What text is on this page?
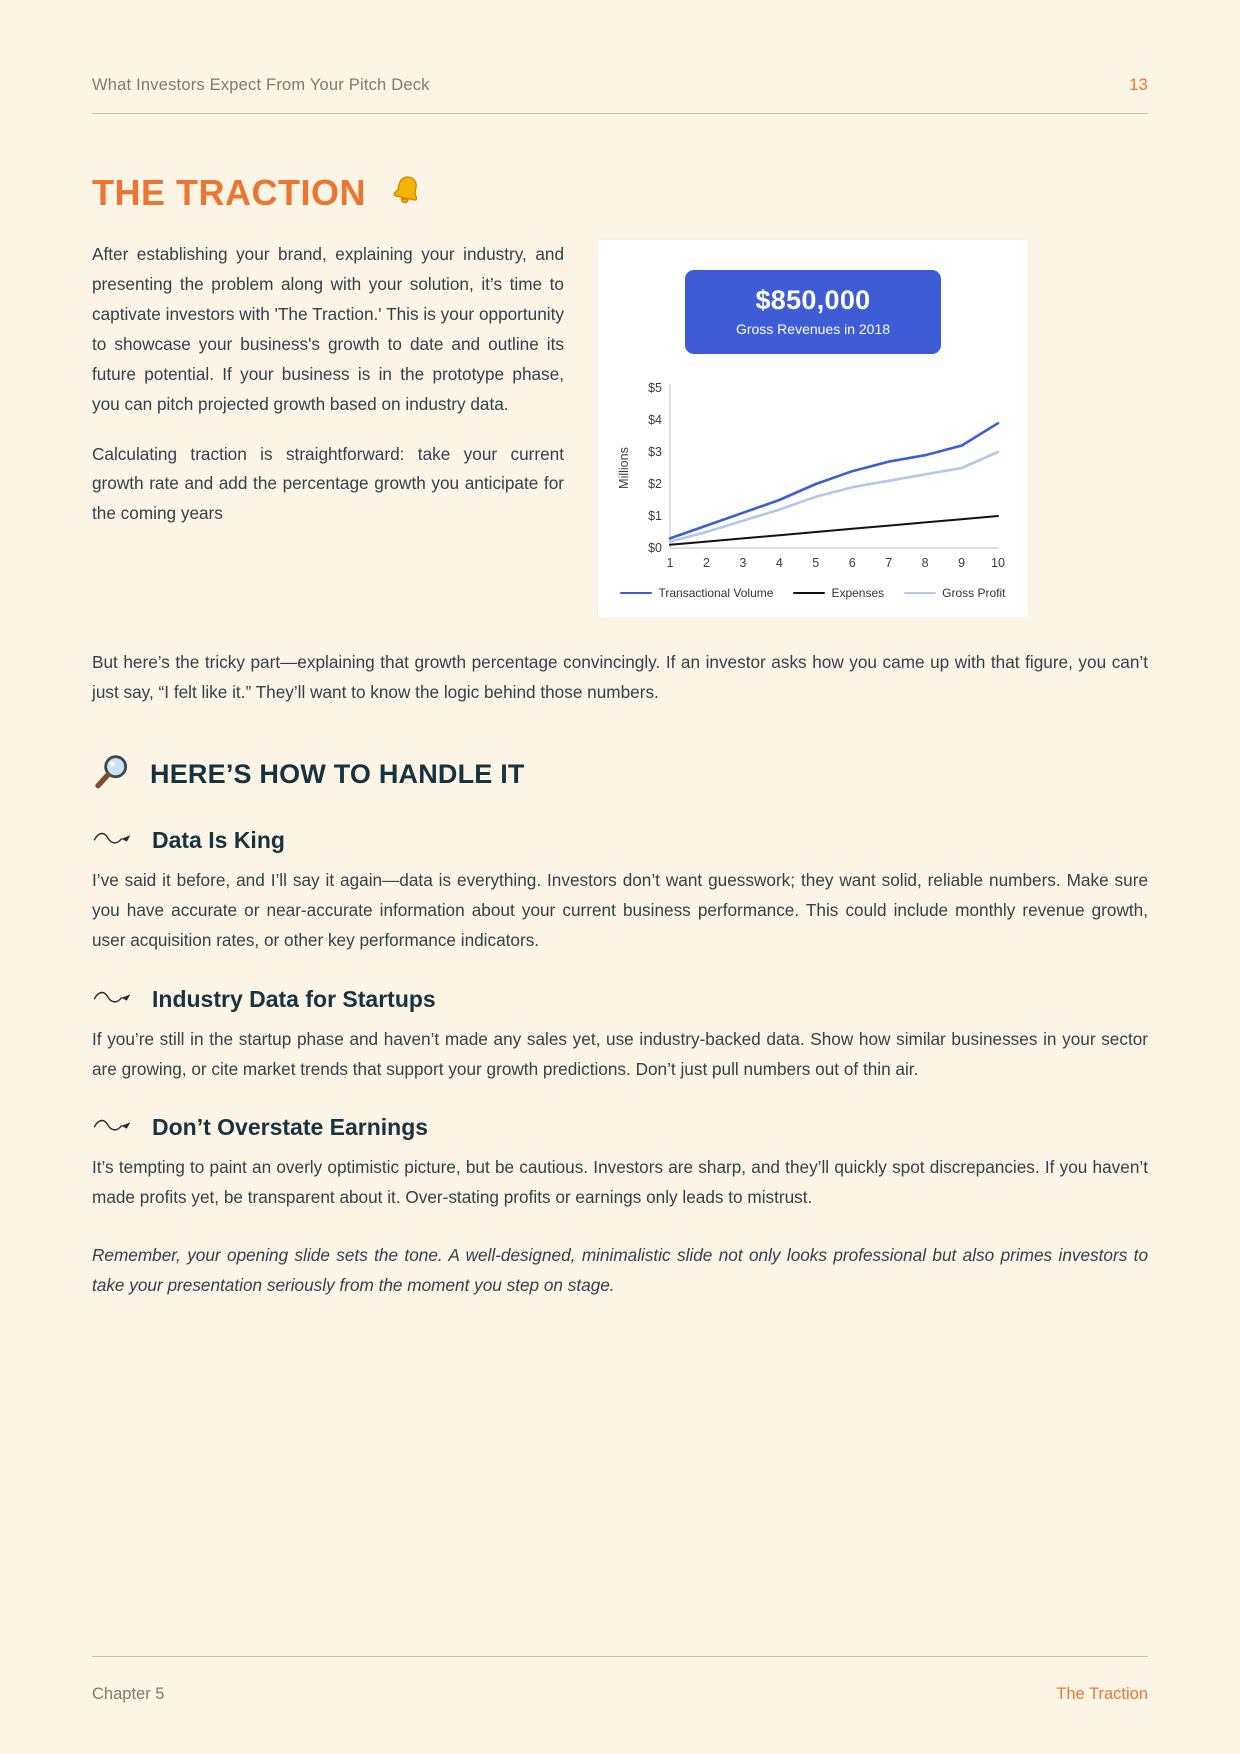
What Investors Expect From Your Pitch Deck	13
THE TRACTION

After establishing your brand, explaining your industry, and presenting the problem along with your solution, it’s time to captivate investors with 'The Traction.' This is your opportunity to showcase your business's growth to date and outline its future potential. If your business is in the prototype phase, you can pitch projected growth based on industry data.

Calculating traction is straightforward: take your current growth rate and add the percentage growth you anticipate for the coming years

$850,000
Gross Revenues in 2018
$0
$1
$2
$3
$4
$5
1 2 3 4 5 6 7 8 9 10
Millions
Transactional Volume	Expenses	Gross Profit

But here’s the tricky part—explaining that growth percentage convincingly. If an investor asks how you came up with that figure, you can’t just say, “I felt like it.” They’ll want to know the logic behind those numbers.

HERE’S HOW TO HANDLE IT
Data Is King

I’ve said it before, and I’ll say it again—data is everything. Investors don’t want guesswork; they want solid, reliable numbers. Make sure you have accurate or near-accurate information about your current business performance. This could include monthly revenue growth, user acquisition rates, or other key performance indicators.

Industry Data for Startups

If you’re still in the startup phase and haven’t made any sales yet, use industry-backed data. Show how similar businesses in your sector are growing, or cite market trends that support your growth predictions. Don’t just pull numbers out of thin air.

Don’t Overstate Earnings

It’s tempting to paint an overly optimistic picture, but be cautious. Investors are sharp, and they’ll quickly spot discrepancies. If you haven’t made profits yet, be transparent about it. Over-stating profits or earnings only leads to mistrust.

Remember, your opening slide sets the tone. A well-designed, minimalistic slide not only looks professional but also primes investors to take your presentation seriously from the moment you step on stage.

Chapter 5	The Traction
